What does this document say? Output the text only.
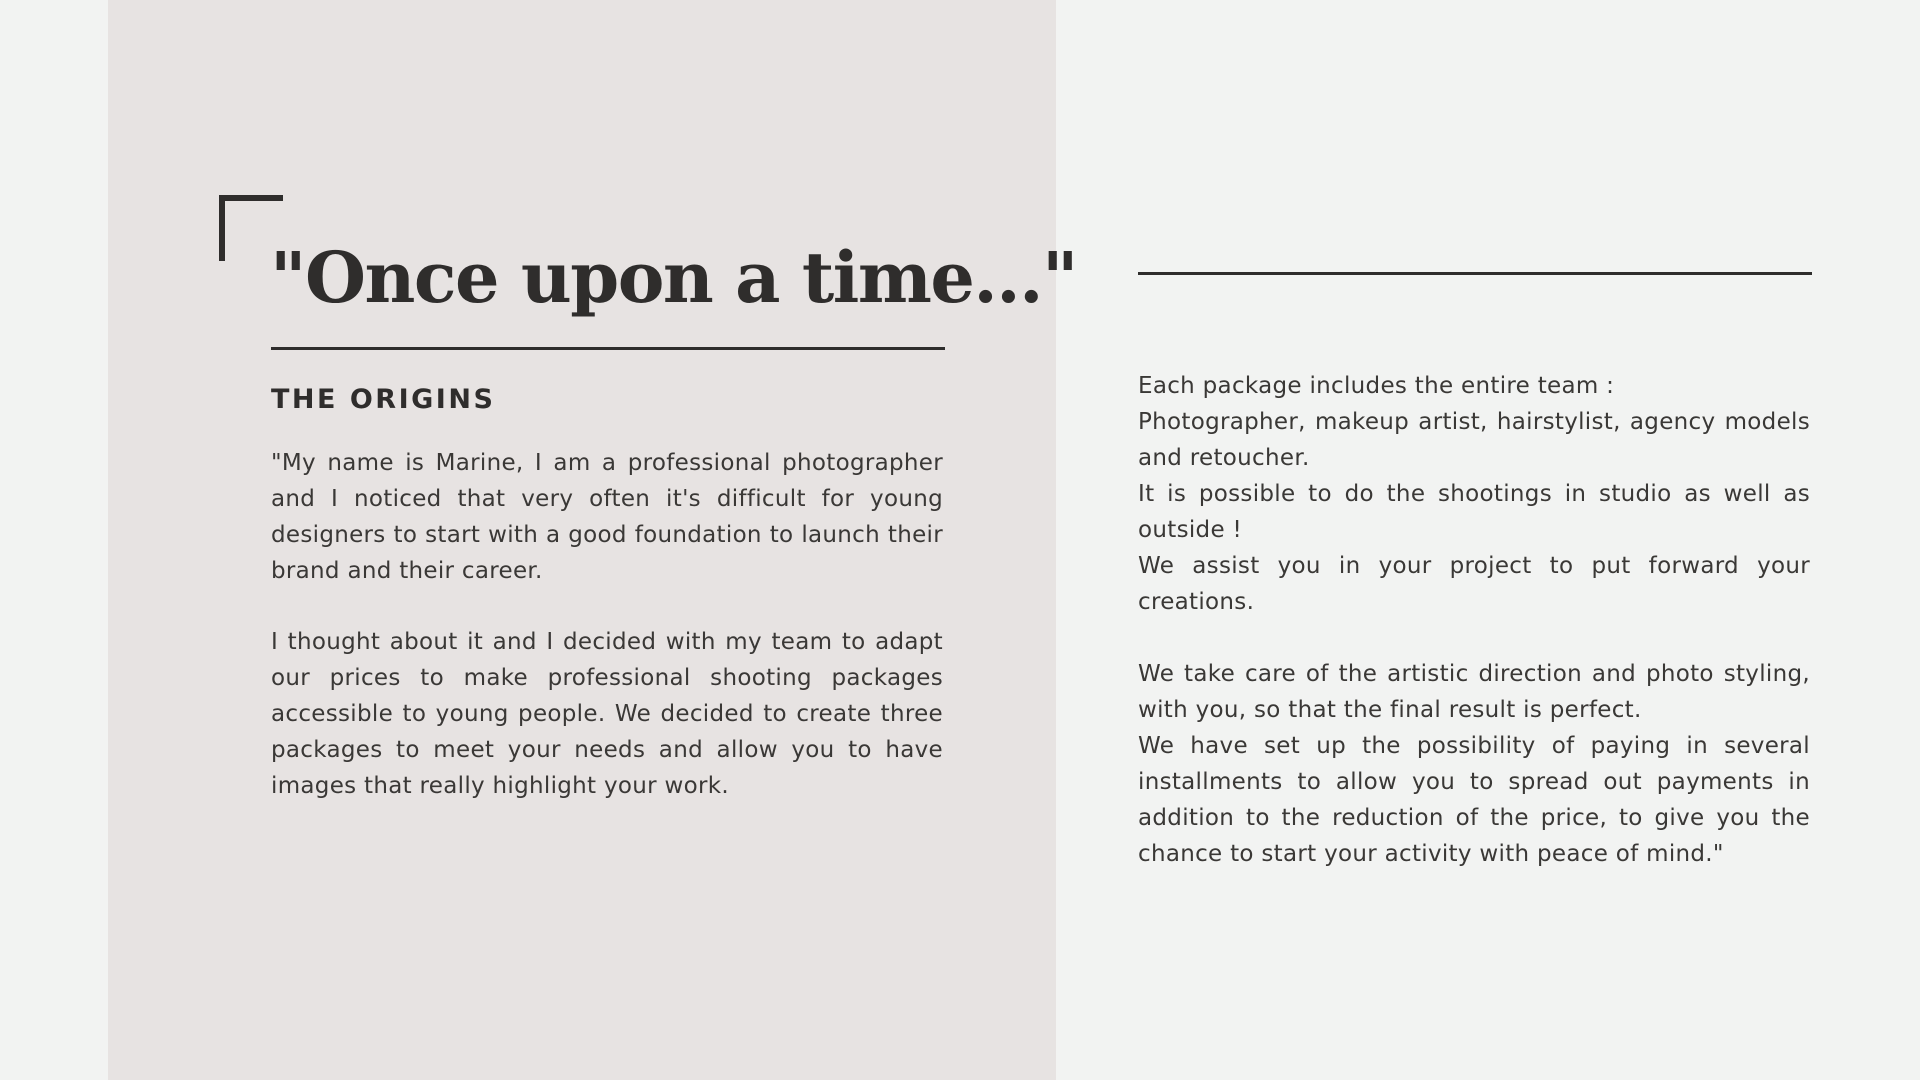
"Once upon a time..."
THE ORIGINS

"My name is Marine, I am a professional photographer and I noticed that very often it's difficult for young designers to start with a good foundation to launch their brand and their career.

I thought about it and I decided with my team to adapt our prices to make professional shooting packages accessible to young people. We decided to create three packages to meet your needs and allow you to have images that really highlight your work.

Each package includes the entire team :

Photographer, makeup artist, hairstylist, agency models and retoucher.

It is possible to do the shootings in studio as well as outside !

We assist you in your project to put forward your creations.

We take care of the artistic direction and photo styling, with you, so that the final result is perfect.

We have set up the possibility of paying in several installments to allow you to spread out payments in addition to the reduction of the price, to give you the chance to start your activity with peace of mind."
